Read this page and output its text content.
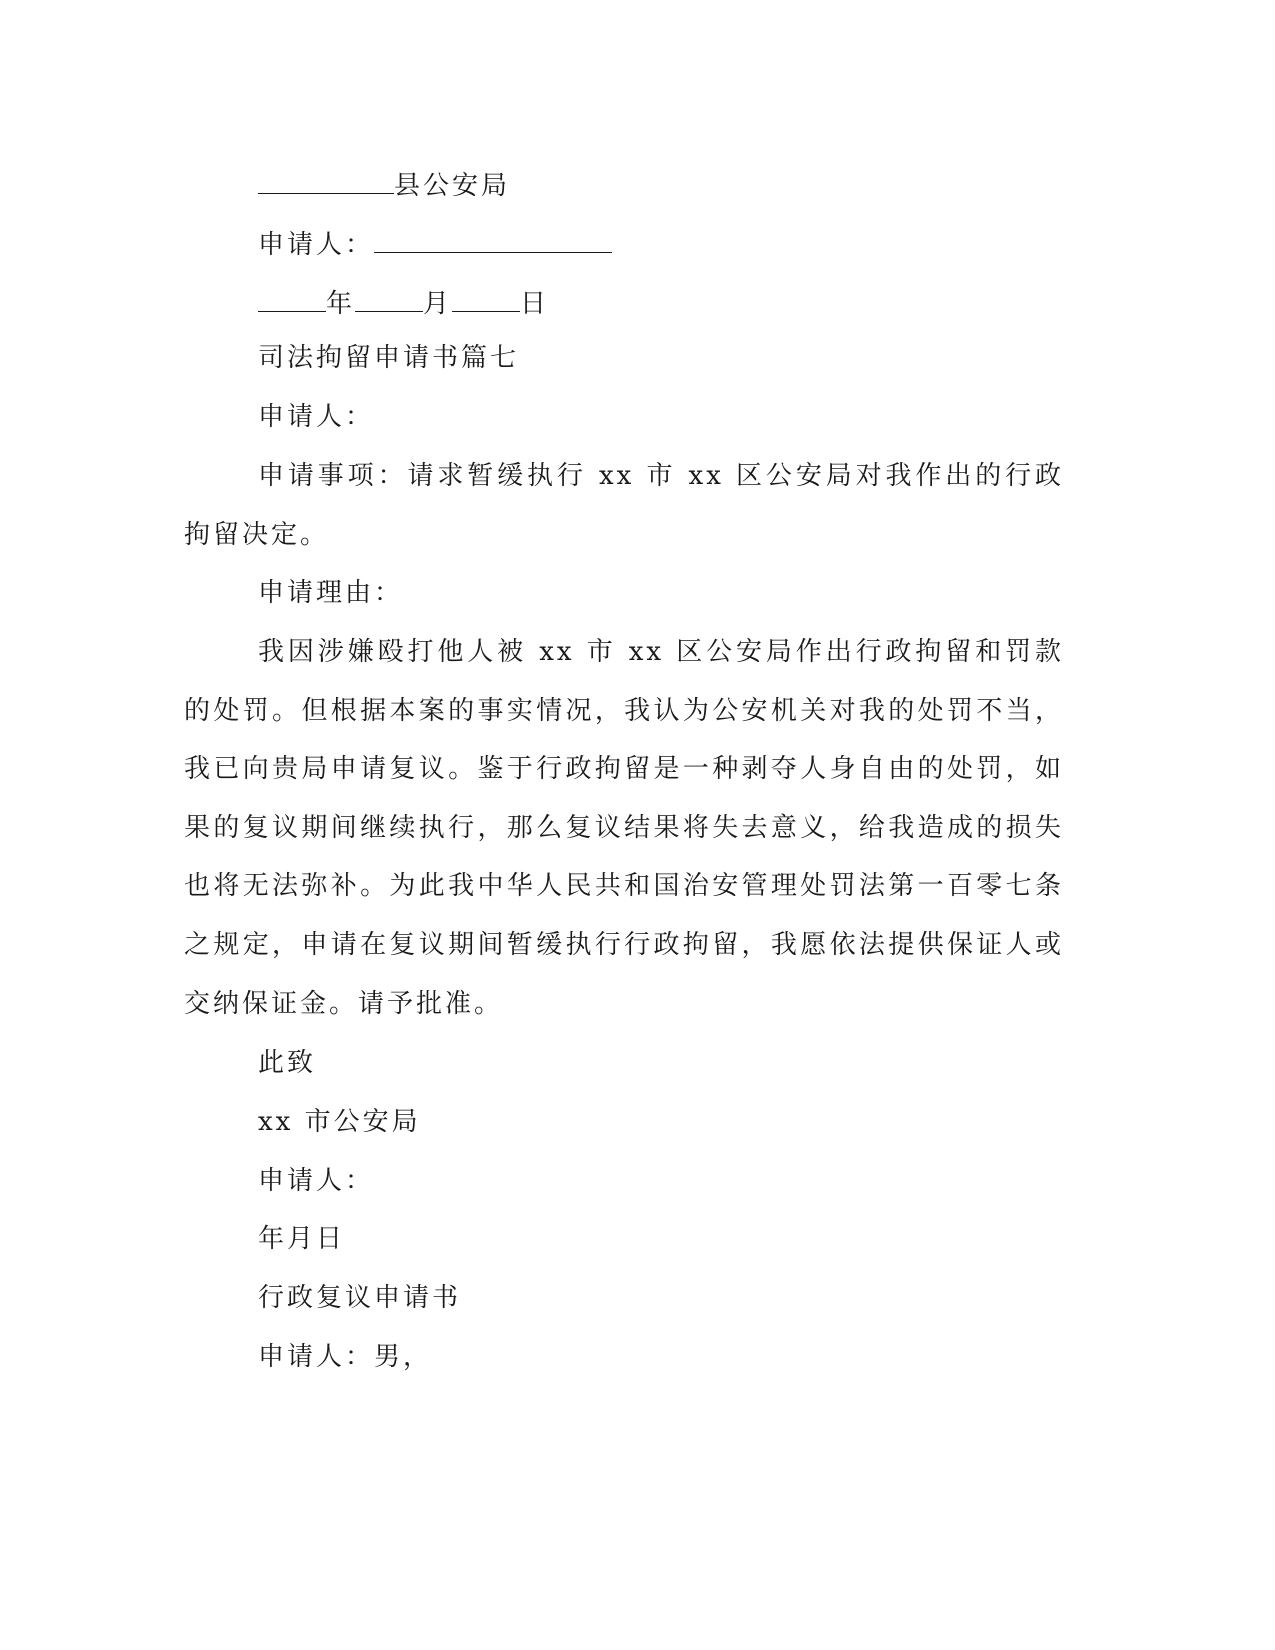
县公安局
申请人：
年	月	日
司法拘留申请书篇七
申请人：
申请事项：请求暂缓执行 xx 市 xx 区公安局对我作出的行政拘留决定。
申请理由：
我因涉嫌殴打他人被 xx 市 xx 区公安局作出行政拘留和罚款的处罚。但根据本案的事实情况，我认为公安机关对我的处罚不当，我已向贵局申请复议。鉴于行政拘留是一种剥夺人身自由的处罚，如果的复议期间继续执行，那么复议结果将失去意义，给我造成的损失也将无法弥补。为此我中华人民共和国治安管理处罚法第一百零七条之规定，申请在复议期间暂缓执行行政拘留，我愿依法提供保证人或交纳保证金。请予批准。
此致
xx 市公安局
申请人：
年月日
行政复议申请书
申请人：男，
